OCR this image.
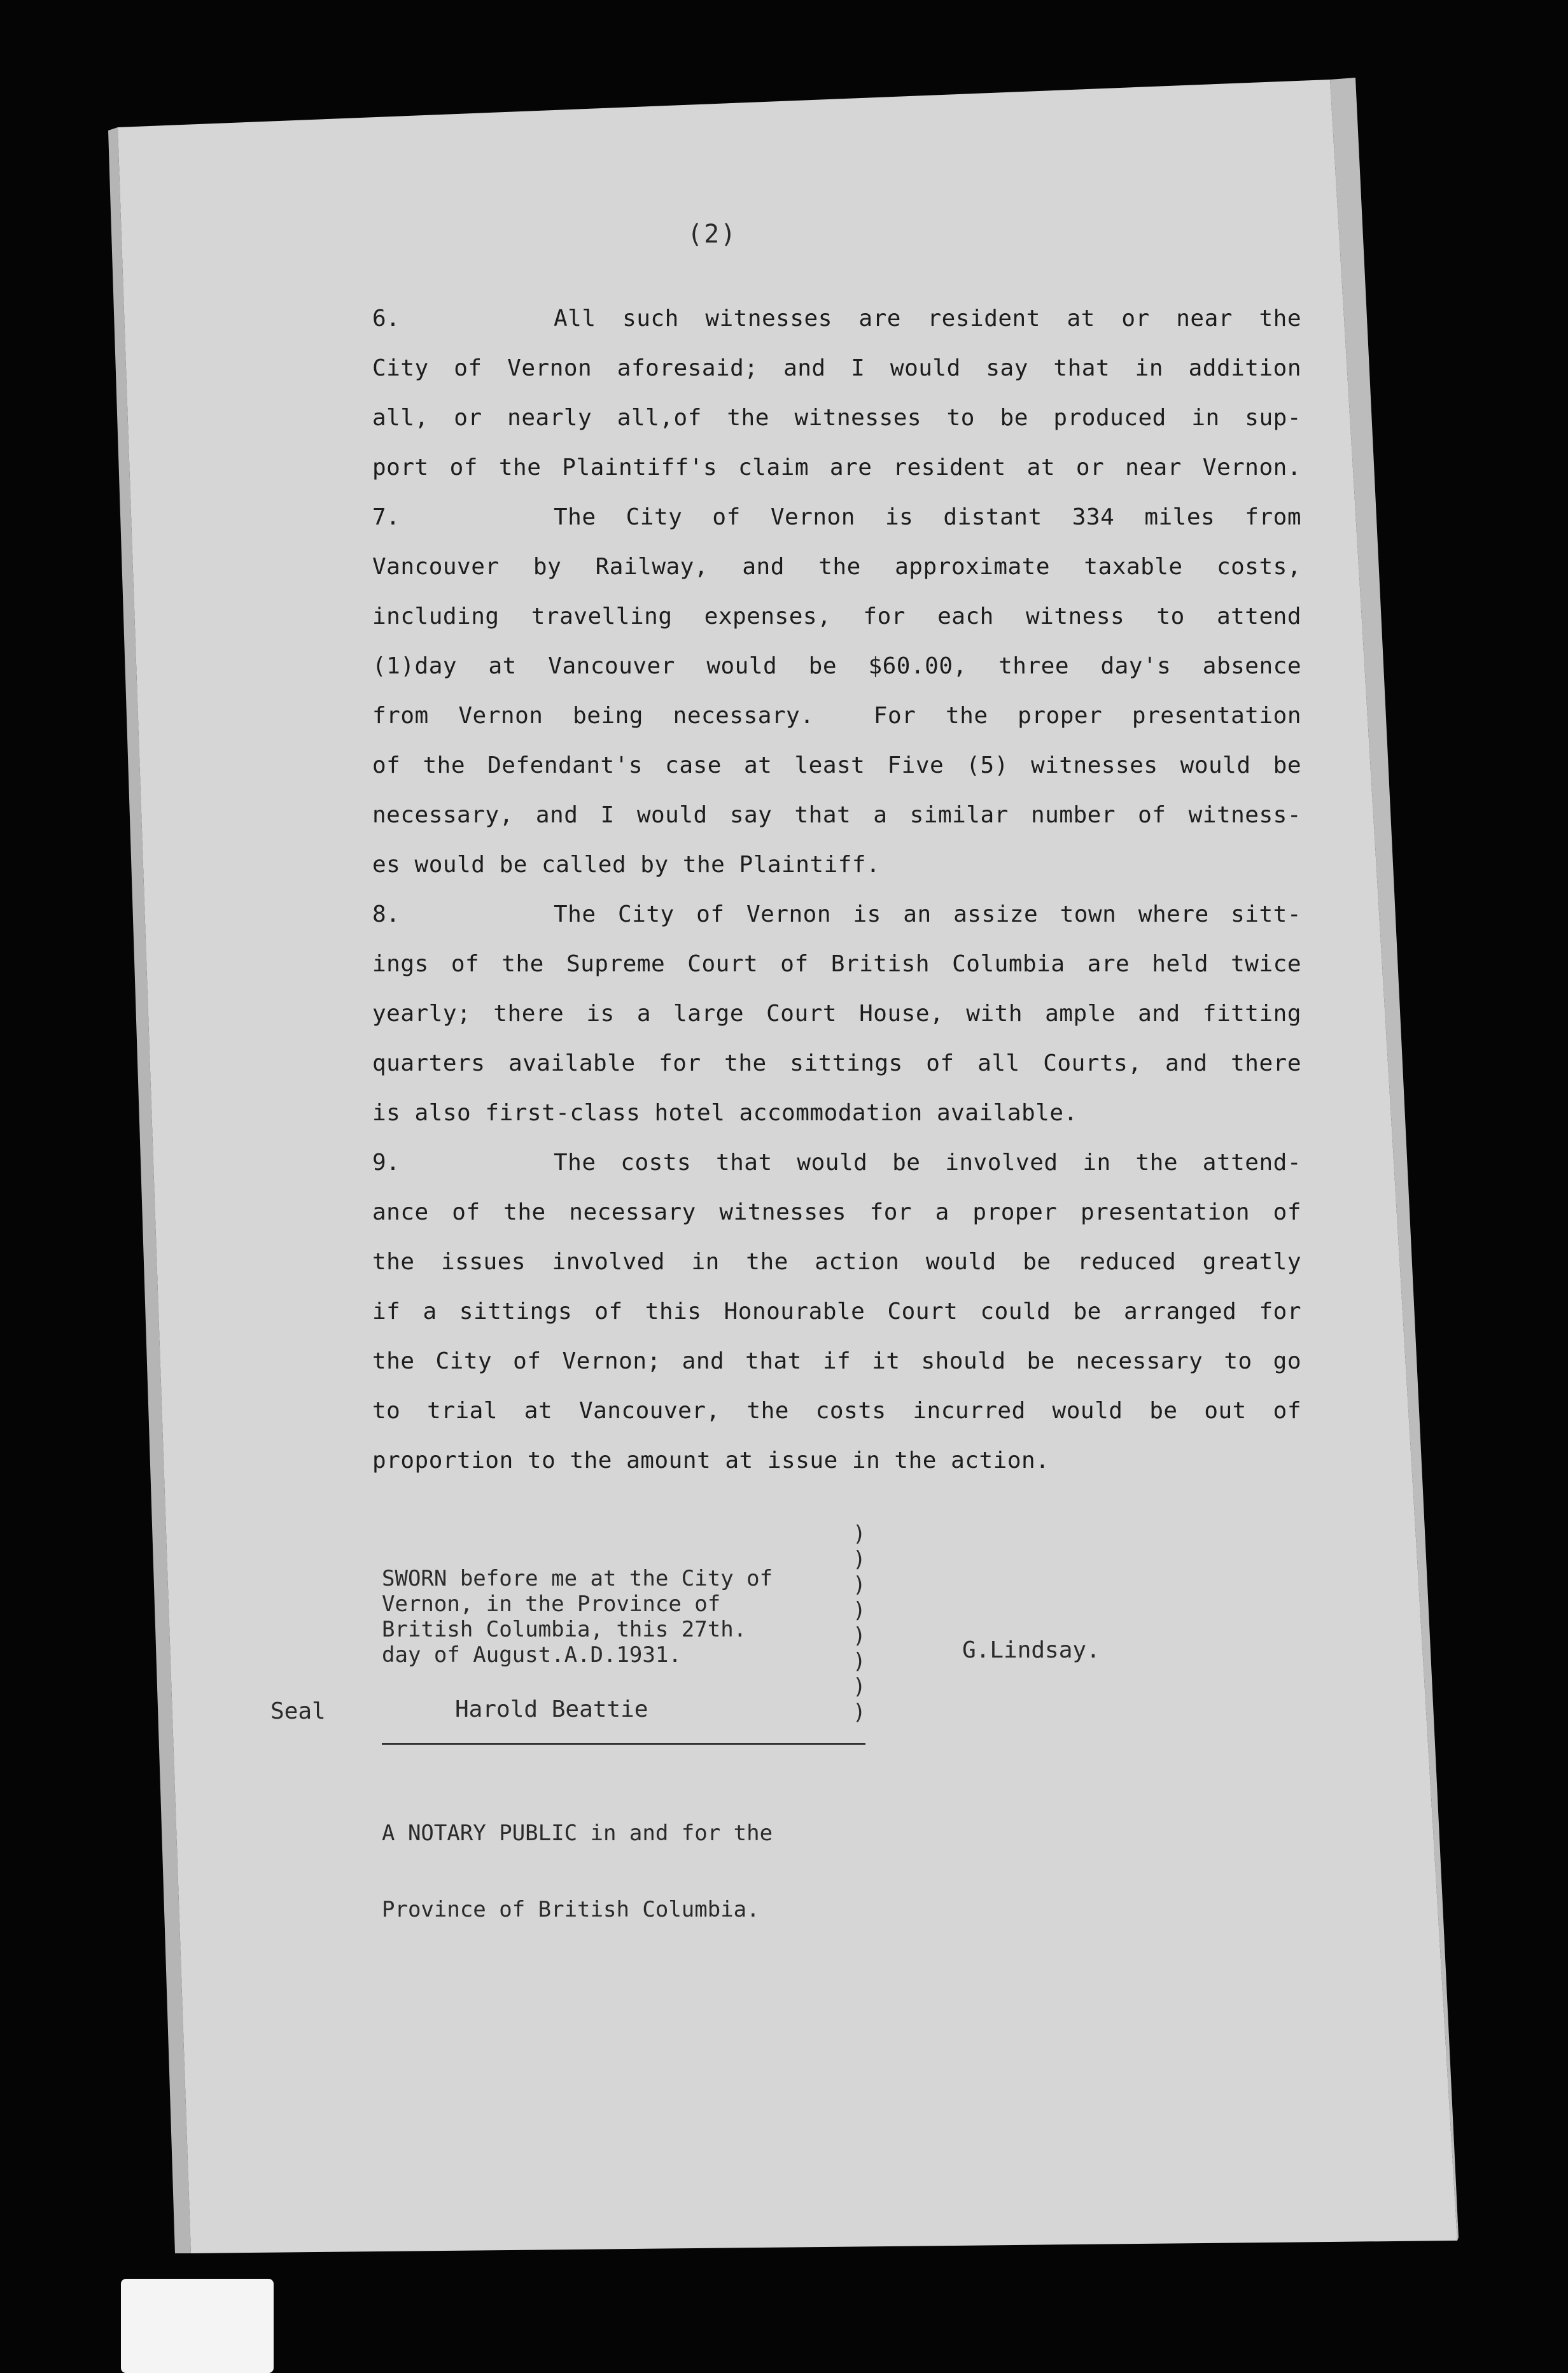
(2)
6.	All such witnesses are resident at or near the
City of Vernon aforesaid; and I would say that in addition
all, or nearly all,of the witnesses to be produced in sup-
port of the Plaintiff's claim are resident at or near Vernon.
7.	The City of Vernon is distant 334 miles from
Vancouver by Railway, and the approximate taxable costs,
including travelling expenses, for each witness to attend
(1)day at Vancouver would be $60.00, three day's absence
from Vernon being necessary.  For the proper presentation
of the Defendant's case at least Five (5) witnesses would be
necessary, and I would say that a similar number of witness-
es would be called by the Plaintiff.
8.	The City of Vernon is an assize town where sitt-
ings of the Supreme Court of British Columbia are held twice
yearly; there is a large Court House, with ample and fitting
quarters available for the sittings of all Courts, and there
is also first-class hotel accommodation available.
9.	The costs that would be involved in the attend-
ance of the necessary witnesses for a proper presentation of
the issues involved in the action would be reduced greatly
if a sittings of this Honourable Court could be arranged for
the City of Vernon; and that if it should be necessary to go
to trial at Vancouver, the costs incurred would be out of
proportion to the amount at issue in the action.
SWORN before me at the City of
Vernon, in the Province of
British Columbia, this 27th.
day of August.A.D.1931.
)
)
)
)
)
)
)
)
Seal	Harold Beattie
G.Lindsay.

A NOTARY PUBLIC in and for the

Province of British Columbia.
